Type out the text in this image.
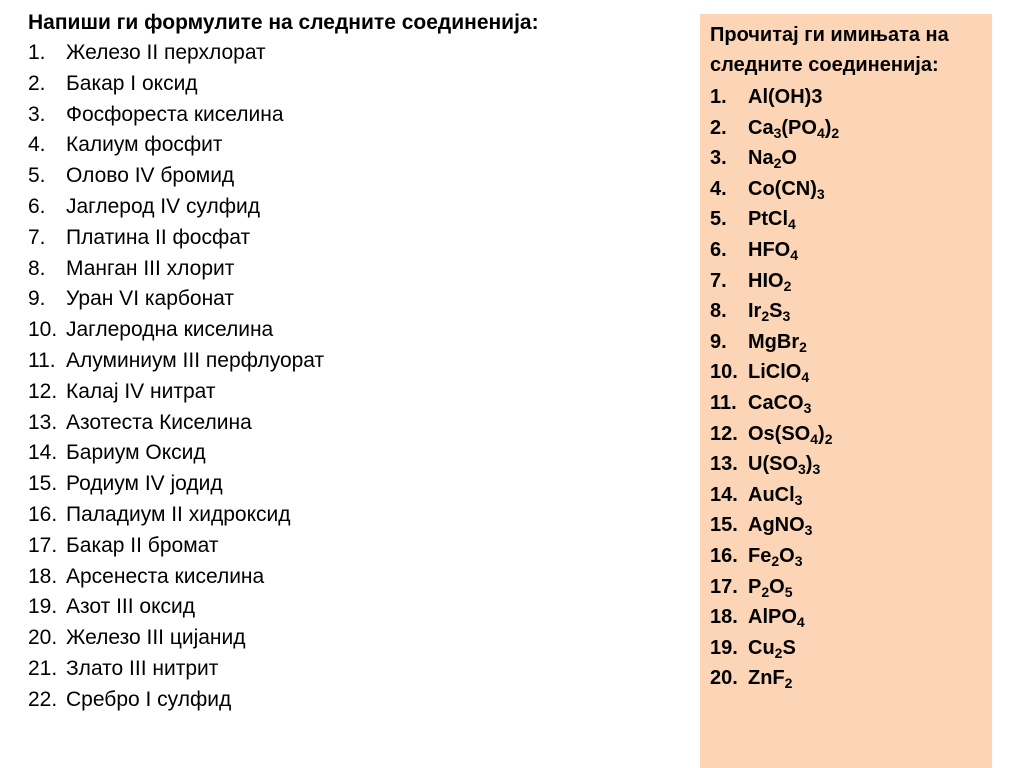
Напиши ги формулите на следните соединенија:

1. Железо II перхлорат
2. Бакар I оксид
3. Фосфореста киселина
4. Калиум фосфит
5. Олово IV бромид
6. Јаглерод IV сулфид
7. Платина II фосфат
8. Манган III хлорит
9. Уран VI карбонат
10. Јаглеродна киселина
11. Алуминиум III перфлуорат
12. Калај IV нитрат
13. Азотеста Киселина
14. Бариум Оксид
15. Родиум IV јодид
16. Паладиум II хидроксид
17. Бакар II бромат
18. Арсенеста киселина
19. Азот III оксид
20. Железо III цијанид
21. Злато III нитрит
22. Сребро I сулфид

Прочитај ги имињата на следните соединенија:

1.	Al(OH)3
2.	$Ca_3(PO_4)_2$
3.	$Na_2O$
4.	$Co(CN)_3$
5.	PtCl$_4$
6.	$HFO_4$
7.	$HIO_2$
8.	$Ir_2S_3$
9.	MgBr$_2$
10. LiClO$_4$
11. CaCO$_3$
12. $Os(SO_4)_2$
13. $U(SO_3)_3$
14. AuCl$_3$
15. AgNO$_3$
16. $Fe_2O_3$
17. $P_2O_5$
18. AlPO$_4$
19. $Cu_2S$
20. ZnF$_2$
